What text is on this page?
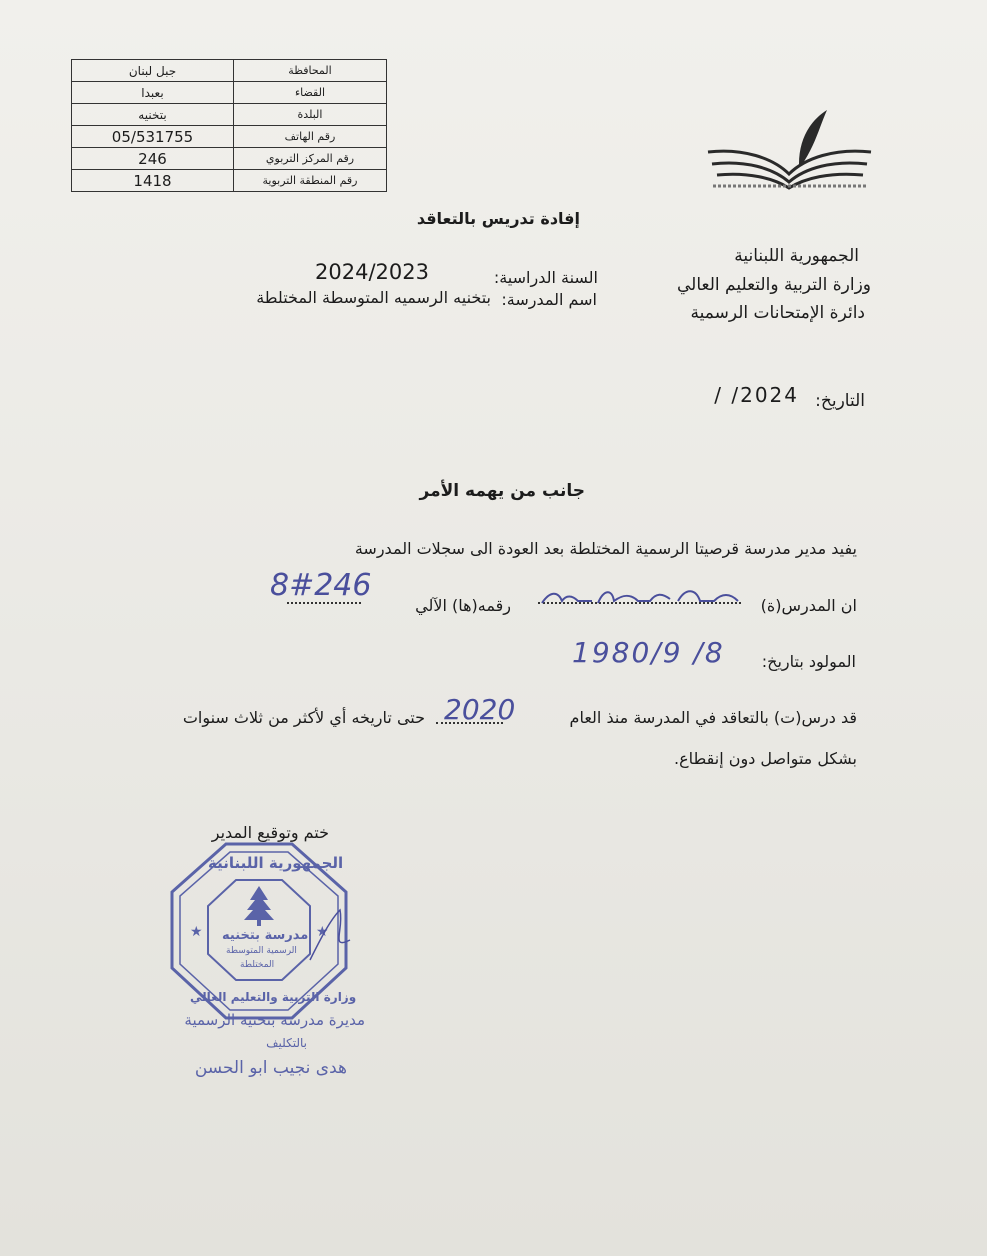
المحافظة	جبل لبنان
القضاء	بعبدا
البلدة	بتخنيه
رقم الهاتف	05/531755
رقم المركز التربوي	246
رقم المنطقة التربوية	1418
إفادة تدريس بالتعاقد
الجمهورية اللبنانية
وزارة التربية والتعليم العالي
دائرة الإمتحانات الرسمية
السنة الدراسية:
2024/2023
اسم المدرسة:
بتخنيه الرسميه المتوسطة المختلطة
التاريخ:
/ /2024
جانب من يهمه الأمر
يفيد مدير مدرسة قرصيتا الرسمية المختلطة بعد العودة الى سجلات المدرسة
ان المدرس(ة)
رقمه(ها) الآلي
8#246
المولود بتاريخ:
1980/9 /8
قد درس(ت) بالتعاقد في المدرسة منذ العام
2020
حتى تاريخه أي لأكثر من ثلاث سنوات
بشكل متواصل دون إنقطاع.
ختم وتوقيع المدير
★	★
الجمهورية اللبنانية
مدرسة بتخنيه
الرسمية المتوسطة
المختلطة
وزارة التربية والتعليم العالي
مديرة مدرسة بتخنيه الرسمية
بالتكليف
هدى نجيب ابو الحسن
